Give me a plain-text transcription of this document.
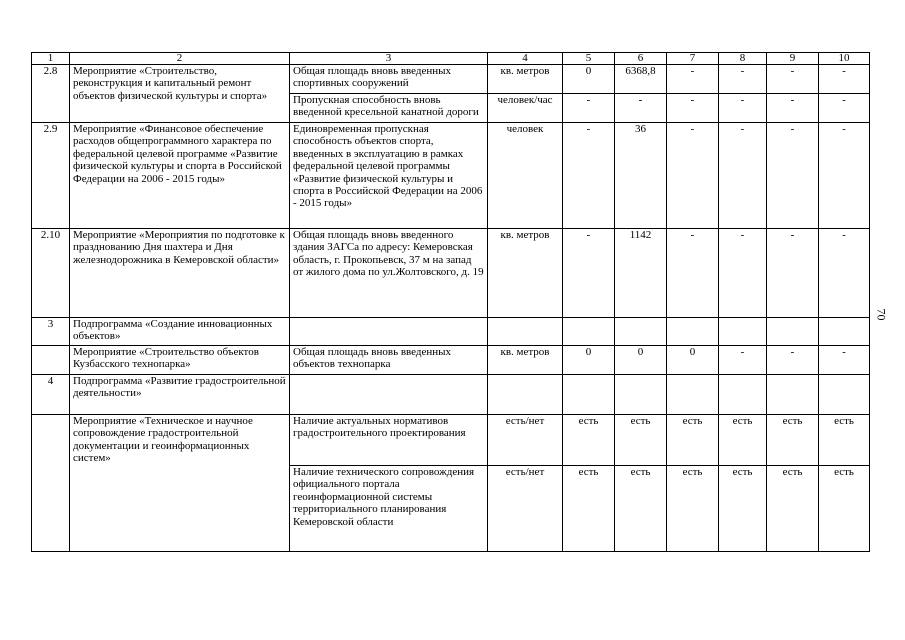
1	2	3	4	5	6	7	8	9	10
2.8	Мероприятие «Строительство, реконструкция и капитальный ремонт объектов физической культуры и спорта»	Общая площадь вновь введенных спортивных сооружений	кв. метров	0	6368,8	-	-	-	-
		Пропускная способность вновь введенной кресельной канатной дороги	человек/час	-	-	-	-	-	-
2.9	Мероприятие «Финансовое обеспечение расходов общепрограммного характера по федеральной целевой программе «Развитие физической культуры и спорта в Российской Федерации на 2006 - 2015 годы»	Единовременная пропускная способность объектов спорта, введенных в эксплуатацию в рамках федеральной целевой программы «Развитие физической культуры и спорта в Российской Федерации на 2006 - 2015 годы»	человек	-	36	-	-	-	-
2.10	Мероприятие «Мероприятия по подготовке к празднованию Дня шахтера и Дня железнодорожника в Кемеровской области»	Общая площадь вновь введенного здания ЗАГСа по адресу: Кемеровская область, г. Прокопьевск, 37 м на запад от жилого дома по ул.Жолтовского, д. 19	кв. метров	-	1142	-	-	-	-
3	Подпрограмма «Создание инновационных объектов»								
	Мероприятие «Строительство объектов Кузбасского технопарка»	Общая площадь вновь введенных объектов технопарка	кв. метров	0	0	0	-	-	-
4	Подпрограмма «Развитие градостроительной деятельности»								
	Мероприятие «Техническое и научное сопровождение градостроительной документации и геоинформационных систем»	Наличие актуальных нормативов градостроительного проектирования	есть/нет	есть	есть	есть	есть	есть	есть
		Наличие технического сопровождения официального портала геоинформационной системы территориального планирования Кемеровской области	есть/нет	есть	есть	есть	есть	есть	есть
70
